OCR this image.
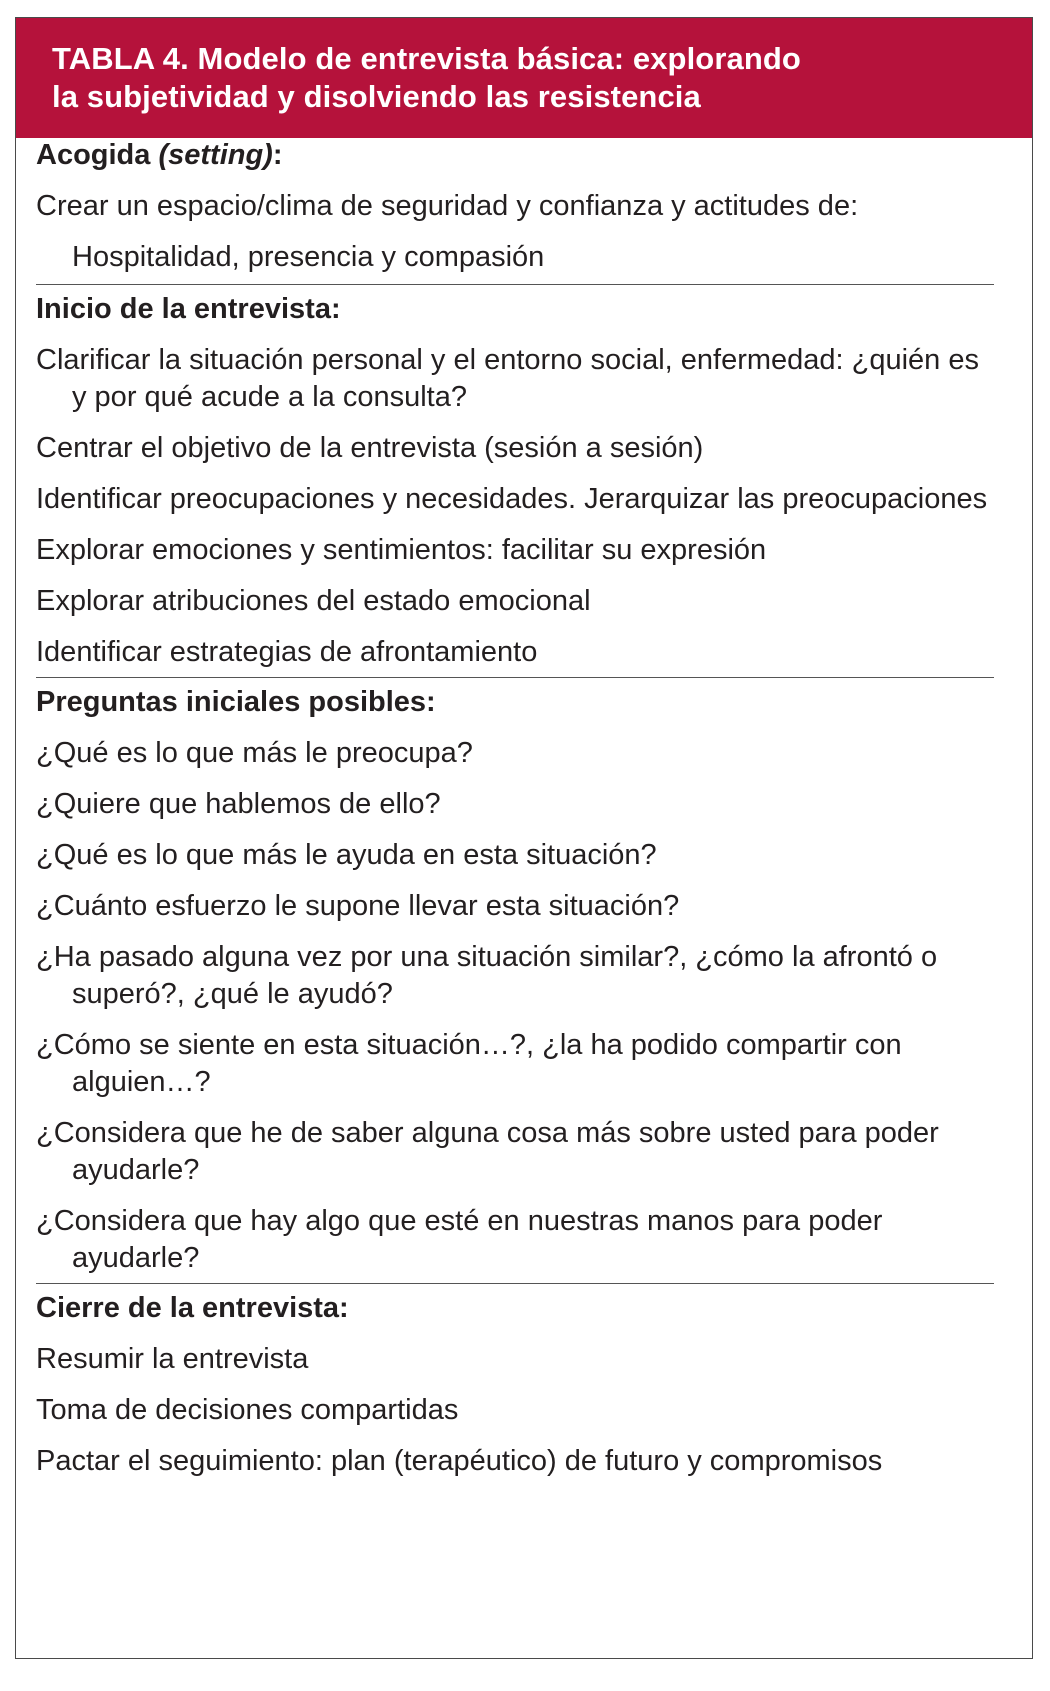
TABLA 4. Modelo de entrevista básica: explorando
la subjetividad y disolviendo las resistencia
Acogida (setting):
Crear un espacio/clima de seguridad y confianza y actitudes de:
Hospitalidad, presencia y compasión
Inicio de la entrevista:
Clarificar la situación personal y el entorno social, enfermedad: ¿quién es y por qué acude a la consulta?
Centrar el objetivo de la entrevista (sesión a sesión)
Identificar preocupaciones y necesidades. Jerarquizar las preocupaciones
Explorar emociones y sentimientos: facilitar su expresión
Explorar atribuciones del estado emocional
Identificar estrategias de afrontamiento
Preguntas iniciales posibles:
¿Qué es lo que más le preocupa?
¿Quiere que hablemos de ello?
¿Qué es lo que más le ayuda en esta situación?
¿Cuánto esfuerzo le supone llevar esta situación?
¿Ha pasado alguna vez por una situación similar?, ¿cómo la afrontó o superó?, ¿qué le ayudó?
¿Cómo se siente en esta situación…?, ¿la ha podido compartir con alguien…?
¿Considera que he de saber alguna cosa más sobre usted para poder ayudarle?
¿Considera que hay algo que esté en nuestras manos para poder ayudarle?
Cierre de la entrevista:
Resumir la entrevista
Toma de decisiones compartidas
Pactar el seguimiento: plan (terapéutico) de futuro y compromisos
